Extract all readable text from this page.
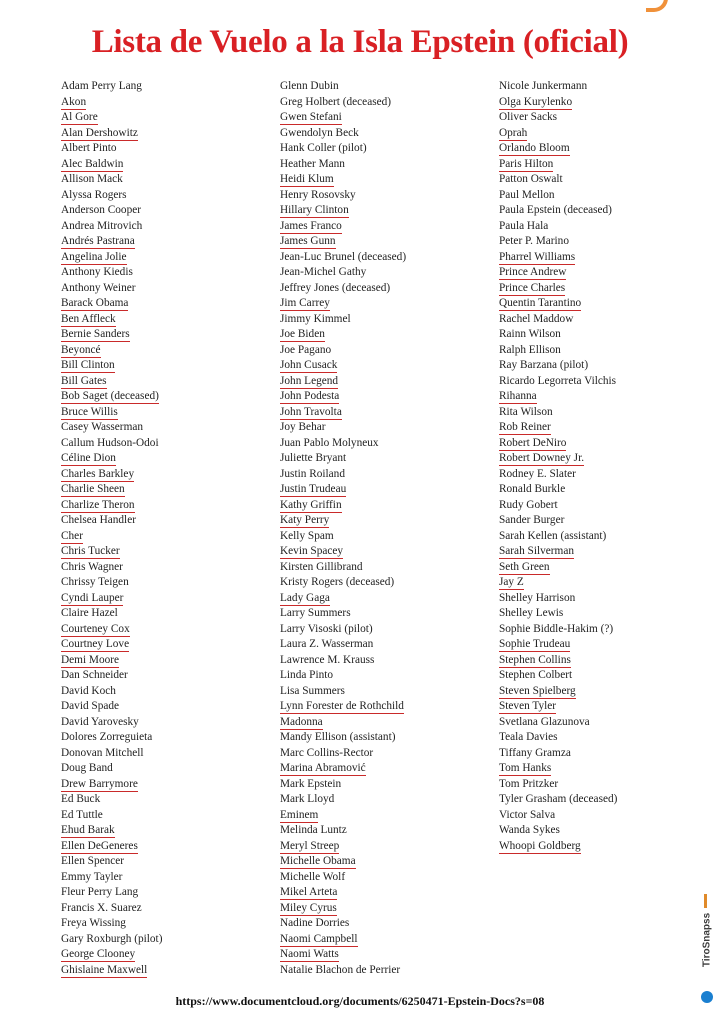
Lista de Vuelo a la Isla Epstein (oficial)
Adam Perry Lang
Akon
Al Gore
Alan Dershowitz
Albert Pinto
Alec Baldwin
Allison Mack
Alyssa Rogers
Anderson Cooper
Andrea Mitrovich
Andrés Pastrana
Angelina Jolie
Anthony Kiedis
Anthony Weiner
Barack Obama
Ben Affleck
Bernie Sanders
Beyoncé
Bill Clinton
Bill Gates
Bob Saget (deceased)
Bruce Willis
Casey Wasserman
Callum Hudson-Odoi
Céline Dion
Charles Barkley
Charlie Sheen
Charlize Theron
Chelsea Handler
Cher
Chris Tucker
Chris Wagner
Chrissy Teigen
Cyndi Lauper
Claire Hazel
Courteney Cox
Courtney Love
Demi Moore
Dan Schneider
David Koch
David Spade
David Yarovesky
Dolores Zorreguieta
Donovan Mitchell
Doug Band
Drew Barrymore
Ed Buck
Ed Tuttle
Ehud Barak
Ellen DeGeneres
Ellen Spencer
Emmy Tayler
Fleur Perry Lang
Francis X. Suarez
Freya Wissing
Gary Roxburgh (pilot)
George Clooney
Ghislaine Maxwell
Glenn Dubin
Greg Holbert (deceased)
Gwen Stefani
Gwendolyn Beck
Hank Coller (pilot)
Heather Mann
Heidi Klum
Henry Rosovsky
Hillary Clinton
James Franco
James Gunn
Jean-Luc Brunel (deceased)
Jean-Michel Gathy
Jeffrey Jones (deceased)
Jim Carrey
Jimmy Kimmel
Joe Biden
Joe Pagano
John Cusack
John Legend
John Podesta
John Travolta
Joy Behar
Juan Pablo Molyneux
Juliette Bryant
Justin Roiland
Justin Trudeau
Kathy Griffin
Katy Perry
Kelly Spam
Kevin Spacey
Kirsten Gillibrand
Kristy Rogers (deceased)
Lady Gaga
Larry Summers
Larry Visoski (pilot)
Laura Z. Wasserman
Lawrence M. Krauss
Linda Pinto
Lisa Summers
Lynn Forester de Rothchild
Madonna
Mandy Ellison (assistant)
Marc Collins-Rector
Marina Abramović
Mark Epstein
Mark Lloyd
Eminem
Melinda Luntz
Meryl Streep
Michelle Obama
Michelle Wolf
Mikel Arteta
Miley Cyrus
Nadine Dorries
Naomi Campbell
Naomi Watts
Natalie Blachon de Perrier
Nicole Junkermann
Olga Kurylenko
Oliver Sacks
Oprah
Orlando Bloom
Paris Hilton
Patton Oswalt
Paul Mellon
Paula Epstein (deceased)
Paula Hala
Peter P. Marino
Pharrel Williams
Prince Andrew
Prince Charles
Quentin Tarantino
Rachel Maddow
Rainn Wilson
Ralph Ellison
Ray Barzana (pilot)
Ricardo Legorreta Vilchis
Rihanna
Rita Wilson
Rob Reiner
Robert DeNiro
Robert Downey Jr.
Rodney E. Slater
Ronald Burkle
Rudy Gobert
Sander Burger
Sarah Kellen (assistant)
Sarah Silverman
Seth Green
Jay Z
Shelley Harrison
Shelley Lewis
Sophie Biddle-Hakim (?)
Sophie Trudeau
Stephen Collins
Stephen Colbert
Steven Spielberg
Steven Tyler
Svetlana Glazunova
Teala Davies
Tiffany Gramza
Tom Hanks
Tom Pritzker
Tyler Grasham (deceased)
Victor Salva
Wanda Sykes
Whoopi Goldberg
https://www.documentcloud.org/documents/6250471-Epstein-Docs?s=08
TiroSnapss
